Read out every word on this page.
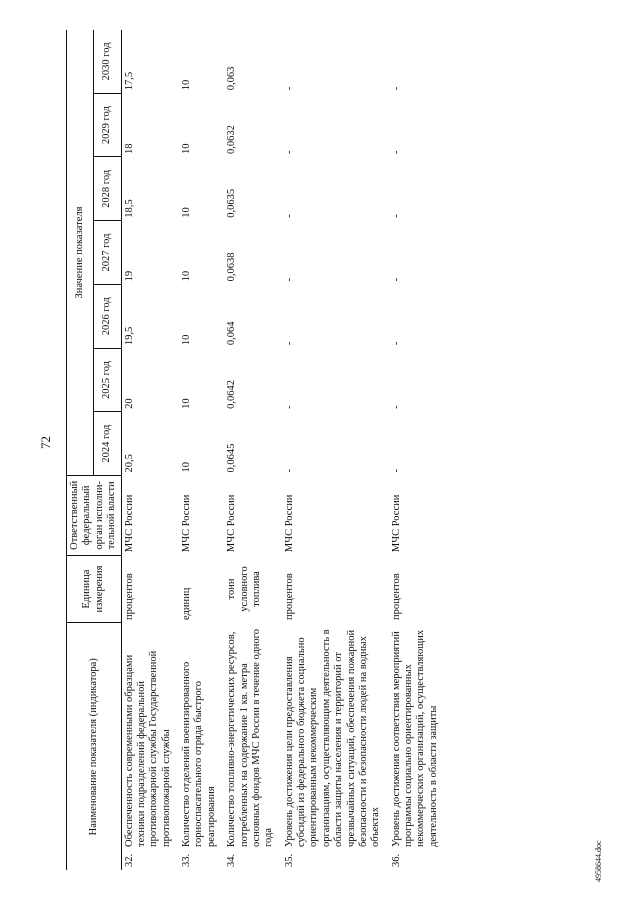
72
4958644.doc
Наименование показателя (индикатора)	Единица измерения	Ответственный федеральный орган исполни-тельной власти	Значение показателя						
			2024 год	2025 год	2026 год	2027 год	2028 год	2029 год	2030 год

32.
Обеспеченность современными образцами техники подразделений федеральной противопожарной службы Государственной противопожарной службы	процентов	МЧС России	20,5	20	19,5	19	18,5	18	17,5

33.
Количество отделений военизированного горноспасательного отряда быстрого реагирования	единиц	МЧС России	10	10	10	10	10	10	10

34.
Количество топливно-энергетических ресурсов, потребленных на содержание 1 кв. метра основных фондов МЧС России в течение одного года	тонн условного топлива	МЧС России	0,0645	0,0642	0,064	0,0638	0,0635	0,0632	0,063

35.
Уровень достижения цели предоставления субсидий из федерального бюджета социально ориентированным некоммерческим организациям, осуществляющим деятельность в области защиты населения и территорий от чрезвычайных ситуаций, обеспечения пожарной безопасности и безопасности людей на водных объектах	процентов	МЧС России	-	-	-	-	-	-	-

36.
Уровень достижения соответствия мероприятий программы социально ориентированных некоммерческих организаций, осуществляющих деятельность в области защиты	процентов	МЧС России	-	-	-	-	-	-	-
